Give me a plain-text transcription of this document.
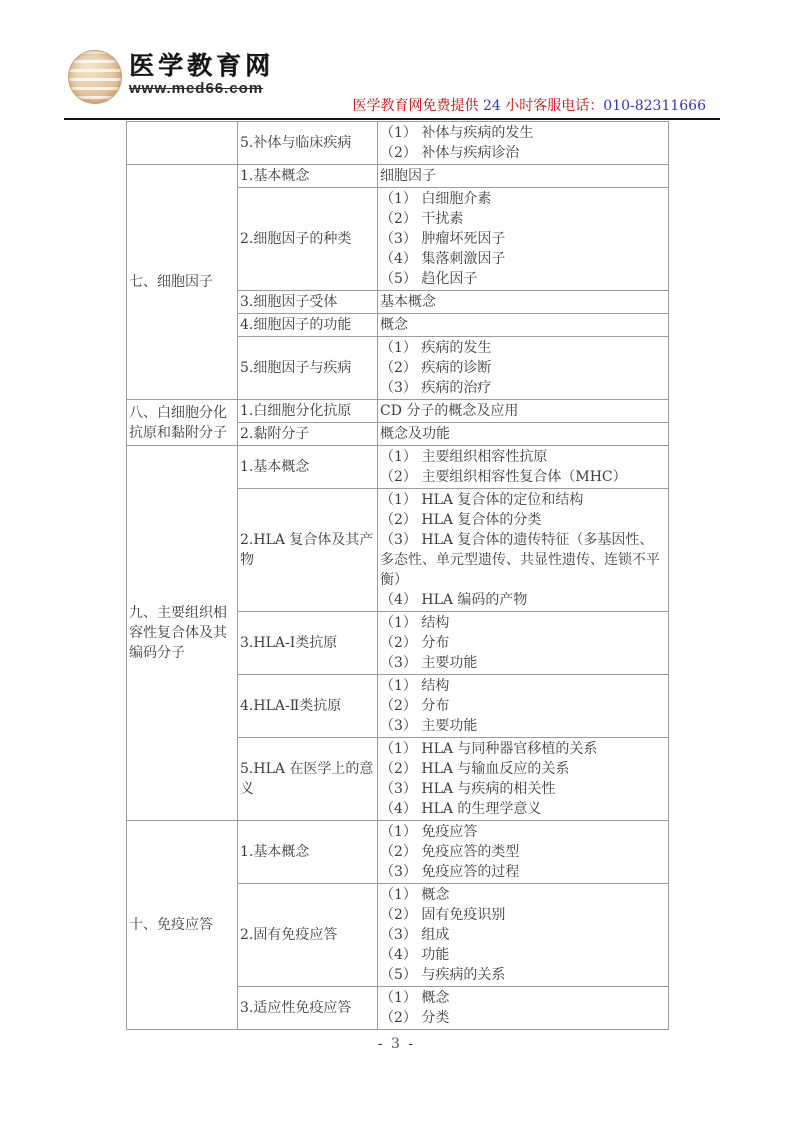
医学教育网
www.med66.com
医学教育网免费提供 24 小时客服电话：010-82311666
	5.补体与临床疾病	（1） 补体与疾病的发生
（2） 补体与疾病诊治

七、细胞因子	1.基本概念	细胞因子

	2.细胞因子的种类	（1） 白细胞介素
（2） 干扰素
（3） 肿瘤坏死因子
（4） 集落刺激因子
（5） 趋化因子

	3.细胞因子受体	基本概念

	4.细胞因子的功能	概念

	5.细胞因子与疾病	（1） 疾病的发生
（2） 疾病的诊断
（3） 疾病的治疗

八、白细胞分化抗原和黏附分子	1.白细胞分化抗原	CD 分子的概念及应用

	2.黏附分子	概念及功能

九、主要组织相容性复合体及其编码分子	1.基本概念	（1） 主要组织相容性抗原
（2） 主要组织相容性复合体（MHC）

	2.HLA 复合体及其产物	（1） HLA 复合体的定位和结构
（2） HLA 复合体的分类
（3） HLA 复合体的遗传特征（多基因性、多态性、单元型遗传、共显性遗传、连锁不平衡）
（4） HLA 编码的产物

	3.HLA-Ⅰ类抗原	（1） 结构
（2） 分布
（3） 主要功能

	4.HLA-Ⅱ类抗原	（1） 结构
（2） 分布
（3） 主要功能

	5.HLA 在医学上的意义	（1） HLA 与同种器官移植的关系
（2） HLA 与输血反应的关系
（3） HLA 与疾病的相关性
（4） HLA 的生理学意义

十、免疫应答	1.基本概念	（1） 免疫应答
（2） 免疫应答的类型
（3） 免疫应答的过程

	2.固有免疫应答	（1） 概念
（2） 固有免疫识别
（3） 组成
（4） 功能
（5） 与疾病的关系

	3.适应性免疫应答	（1） 概念
（2） 分类
- 3 -
